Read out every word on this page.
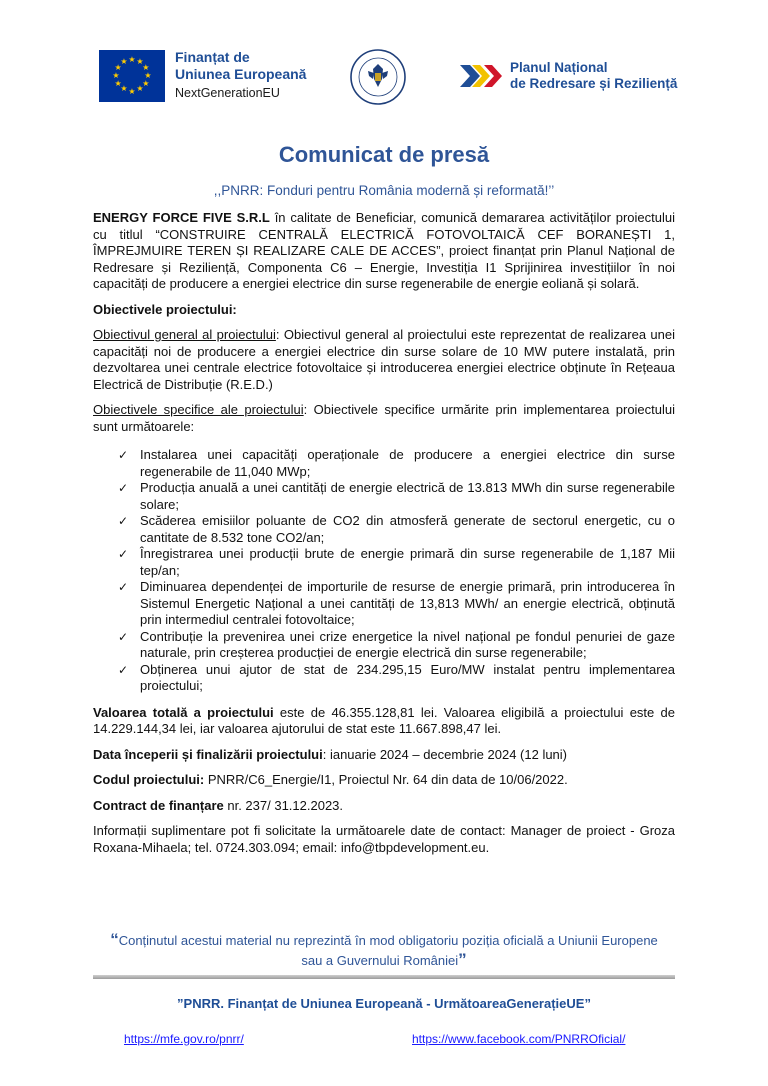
★ ★
★
★
★
★
★
★
★
★
★
★	Finanțat de
Uniunea Europeană
NextGenerationEU
Planul Național
de Redresare și Reziliență
Comunicat de presă
,,PNRR: Fonduri pentru România modernă și reformată!’’

ENERGY FORCE FIVE S.R.L în calitate de Beneficiar, comunică demararea activităților proiectului cu titlul “CONSTRUIRE CENTRALĂ ELECTRICĂ FOTOVOLTAICĂ CEF BORANEȘTI 1, ÎMPREJMUIRE TEREN ȘI REALIZARE CALE DE ACCES”, proiect finanțat prin Planul Național de Redresare și Reziliență, Componenta C6 – Energie, Investiția I1 Sprijinirea investițiilor în noi capacități de producere a energiei electrice din surse regenerabile de energie eoliană și solară.

Obiectivele proiectului:

Obiectivul general al proiectului: Obiectivul general al proiectului este reprezentat de realizarea unei capacități noi de producere a energiei electrice din surse solare de 10 MW putere instalată, prin dezvoltarea unei centrale electrice fotovoltaice și introducerea energiei electrice obținute în Rețeaua Electrică de Distribuție (R.E.D.)

Obiectivele specifice ale proiectului: Obiectivele specifice urmărite prin implementarea proiectului sunt următoarele:

✓ Instalarea unei capacități operaționale de producere a energiei electrice din surse regenerabile de 11,040 MWp;
✓ Producția anuală a unei cantități de energie electrică de 13.813 MWh din surse regenerabile solare;
✓ Scăderea emisiilor poluante de CO2 din atmosferă generate de sectorul energetic, cu o cantitate de 8.532 tone CO2/an;
✓ Înregistrarea unei producții brute de energie primară din surse regenerabile de 1,187 Mii tep/an;
✓ Diminuarea dependenței de importurile de resurse de energie primară, prin introducerea în Sistemul Energetic Național a unei cantități de 13,813 MWh/ an energie electrică, obținută prin intermediul centralei fotovoltaice;
✓ Contribuție la prevenirea unei crize energetice la nivel național pe fondul penuriei de gaze naturale, prin creșterea producției de energie electrică din surse regenerabile;
✓ Obținerea unui ajutor de stat de 234.295,15 Euro/MW instalat pentru implementarea proiectului;

Valoarea totală a proiectului este de 46.355.128,81 lei. Valoarea eligibilă a proiectului este de 14.229.144,34 lei, iar valoarea ajutorului de stat este 11.667.898,47 lei.

Data începerii și finalizării proiectului: ianuarie 2024 – decembrie 2024 (12 luni)

Codul proiectului: PNRR/C6_Energie/I1, Proiectul Nr. 64 din data de 10/06/2022.

Contract de finanțare nr. 237/ 31.12.2023.

Informații suplimentare pot fi solicitate la următoarele date de contact: Manager de proiect - Groza Roxana-Mihaela; tel. 0724.303.094; email: info@tbpdevelopment.eu.

“Conținutul acestui material nu reprezintă în mod obligatoriu poziția oficială a Uniunii Europene sau a Guvernului României”
”PNRR. Finanțat de Uniunea Europeană - UrmătoareaGenerațieUE”
https://mfe.gov.ro/pnrr/	https://www.facebook.com/PNRROficial/
